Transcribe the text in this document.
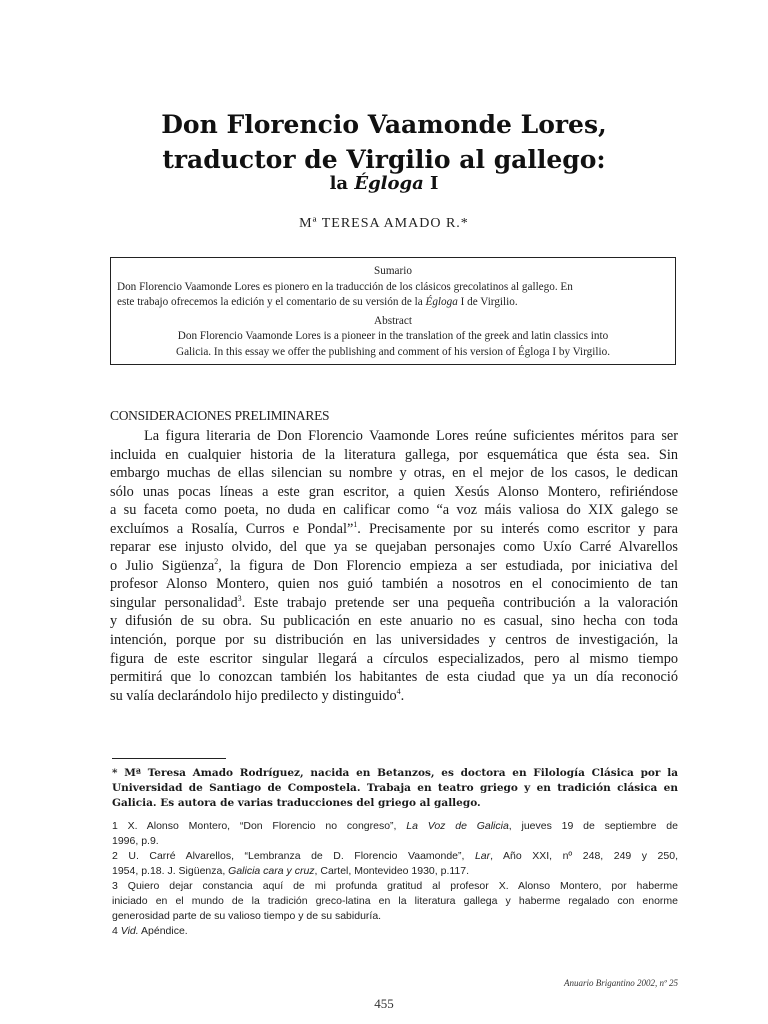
Don Florencio Vaamonde Lores,
traductor de Virgilio al gallego:
la Égloga I
Mª TERESA AMADO R.*
Sumario
Don Florencio Vaamonde Lores es pionero en la traducción de los clásicos grecolatinos al gallego. En
este trabajo ofrecemos la edición y el comentario de su versión de la Égloga I de Virgilio.
Abstract
Don Florencio Vaamonde Lores is a pioneer in the translation of the greek and latin classics into
Galicia. In this essay we offer the publishing and comment of his version of Égloga I by Virgilio.
CONSIDERACIONES PRELIMINARES
La figura literaria de Don Florencio Vaamonde Lores reúne suficientes méritos para ser
incluida en cualquier historia de la literatura gallega, por esquemática que ésta sea. Sin
embargo muchas de ellas silencian su nombre y otras, en el mejor de los casos, le dedican
sólo unas pocas líneas a este gran escritor, a quien Xesús Alonso Montero, refiriéndose
a su faceta como poeta, no duda en calificar como “a voz máis valiosa do XIX galego se
excluímos a Rosalía, Curros e Pondal”$^1$. Precisamente por su interés como escritor y para
reparar ese injusto olvido, del que ya se quejaban personajes como Uxío Carré Alvarellos
o Julio Sigüenza$^2$, la figura de Don Florencio empieza a ser estudiada, por iniciativa del
profesor Alonso Montero, quien nos guió también a nosotros en el conocimiento de tan
singular personalidad$^3$. Este trabajo pretende ser una pequeña contribución a la valoración
y difusión de su obra. Su publicación en este anuario no es casual, sino hecha con toda
intención, porque por su distribución en las universidades y centros de investigación, la
figura de este escritor singular llegará a círculos especializados, pero al mismo tiempo
permitirá que lo conozcan también los habitantes de esta ciudad que ya un día reconoció
su valía declarándolo hijo predilecto y distinguido$^4$.
* Mª Teresa Amado Rodríguez, nacida en Betanzos, es doctora en Filología Clásica por la
Universidad de Santiago de Compostela. Trabaja en teatro griego y en tradición clásica en
Galicia. Es autora de varias traducciones del griego al gallego.
1 X. Alonso Montero, “Don Florencio no congreso”, La Voz de Galicia, jueves 19 de septiembre de
1996, p.9.
2 U. Carré Alvarellos, “Lembranza de D. Florencio Vaamonde”, Lar, Año XXI, nº 248, 249 y 250,
1954, p.18. J. Sigüenza, Galicia cara y cruz, Cartel, Montevideo 1930, p.117.
3 Quiero dejar constancia aquí de mi profunda gratitud al profesor X. Alonso Montero, por haberme
iniciado en el mundo de la tradición greco-latina en la literatura gallega y haberme regalado con enorme
generosidad parte de su valioso tiempo y de su sabiduría.
4 Vid. Apéndice.
Anuario Brigantino 2002, nº 25
455
